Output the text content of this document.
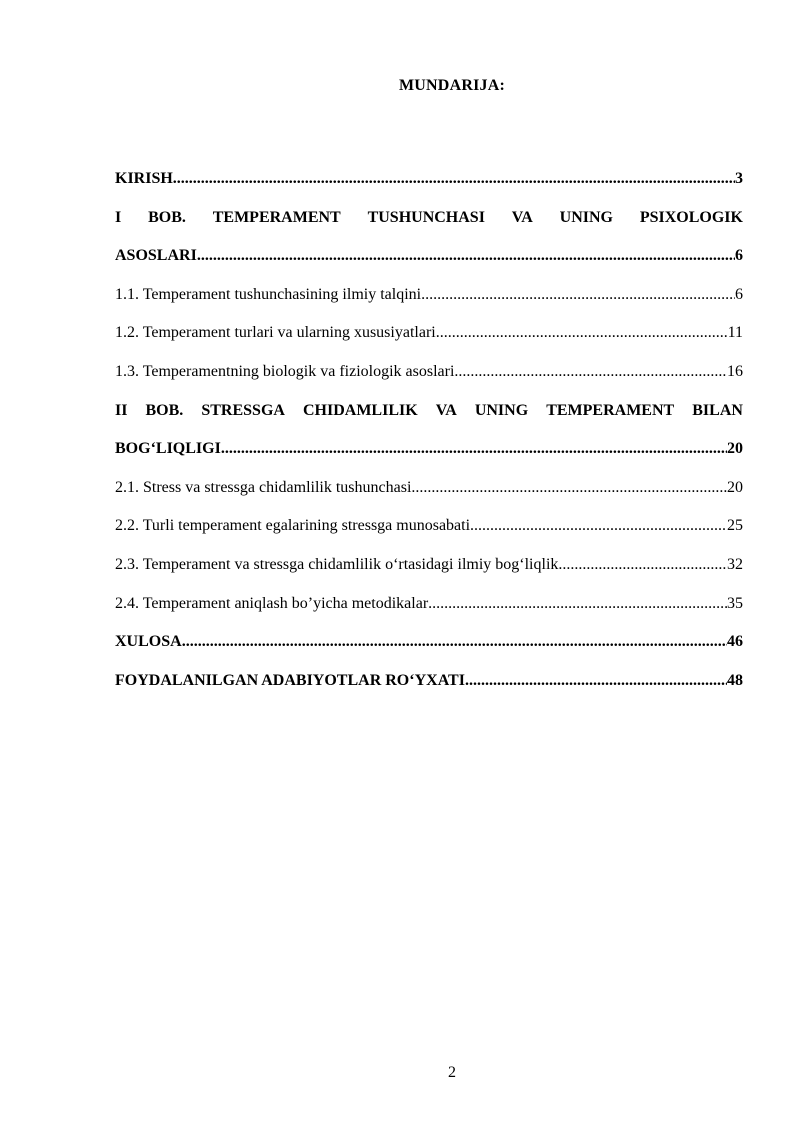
MUNDARIJA:
KIRISH .....	3
I BOB. TEMPERAMENT TUSHUNCHASI VA UNING PSIXOLOGIK
ASOSLARI .....	6
1.1. Temperament tushunchasining ilmiy talqini .....	6
1.2. Temperament turlari va ularning xususiyatlari .....	11
1.3. Temperamentning biologik va fiziologik asoslari .....	16
II BOB. STRESSGA CHIDAMLILIK VA UNING TEMPERAMENT BILAN
BOG‘LIQLIGI .....	20
2.1. Stress va stressga chidamlilik tushunchasi .....	20
2.2. Turli temperament egalarining stressga munosabati .....	25
2.3. Temperament va stressga chidamlilik o‘rtasidagi ilmiy bog‘liqlik .....	32
2.4. Temperament aniqlash bo’yicha metodikalar .....	35
XULOSA .....	46
FOYDALANILGAN ADABIYOTLAR RO‘YXATI .....	48
2
